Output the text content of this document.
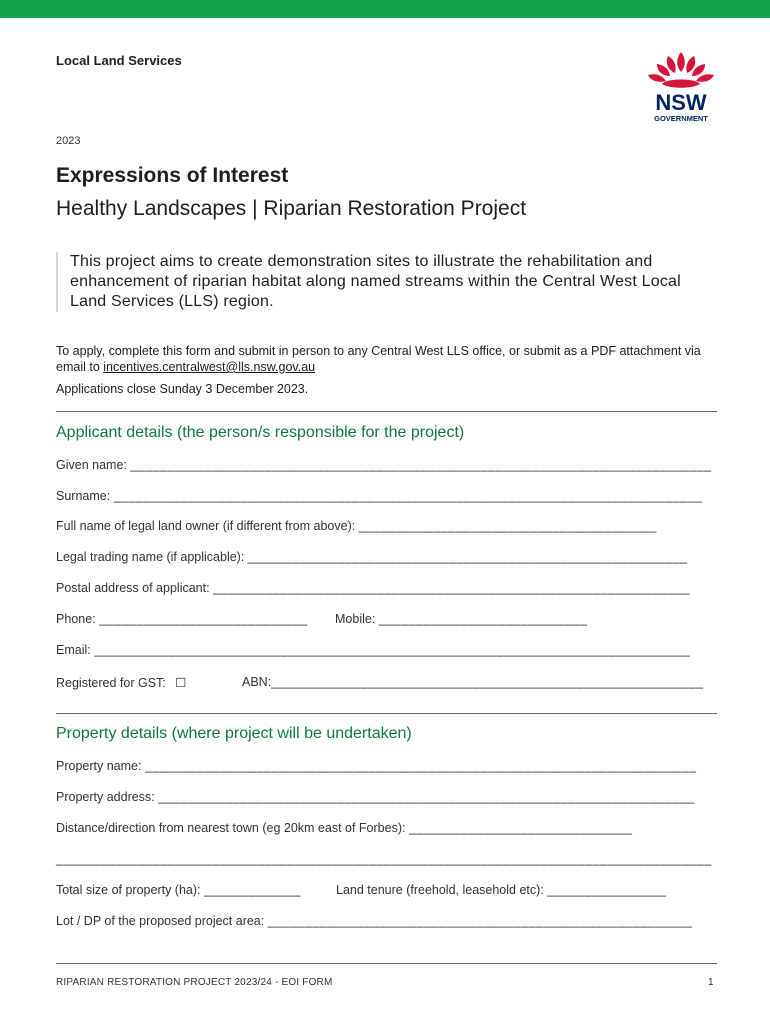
Local Land Services
NSW
GOVERNMENT
2023
Expressions of Interest
Healthy Landscapes | Riparian Restoration Project
This project aims to create demonstration sites to illustrate the rehabilitation and enhancement of riparian habitat along named streams within the Central West Local Land Services (LLS) region.
To apply, complete this form and submit in person to any Central West LLS office, or submit as a PDF attachment via email to incentives.centralwest@lls.nsw.gov.au
Applications close Sunday 3 December 2023.
Applicant details (the person/s responsible for the project)
Given name: ______________________________________________________________________________
Surname: _______________________________________________________________________________
Full name of legal land owner (if different from above): ________________________________________
Legal trading name (if applicable): ___________________________________________________________
Postal address of applicant: ________________________________________________________________
Phone: ____________________________ Mobile: ____________________________
Email: ________________________________________________________________________________
Registered for GST: ☐	ABN:__________________________________________________________
Property details (where project will be undertaken)
Property name: __________________________________________________________________________
Property address: ________________________________________________________________________
Distance/direction from nearest town (eg 20km east of Forbes): ______________________________
________________________________________________________________________________________
Total size of property (ha): _____________	Land tenure (freehold, leasehold etc): ________________
Lot / DP of the proposed project area: _________________________________________________________
RIPARIAN RESTORATION PROJECT 2023/24 - EOI FORM	1
